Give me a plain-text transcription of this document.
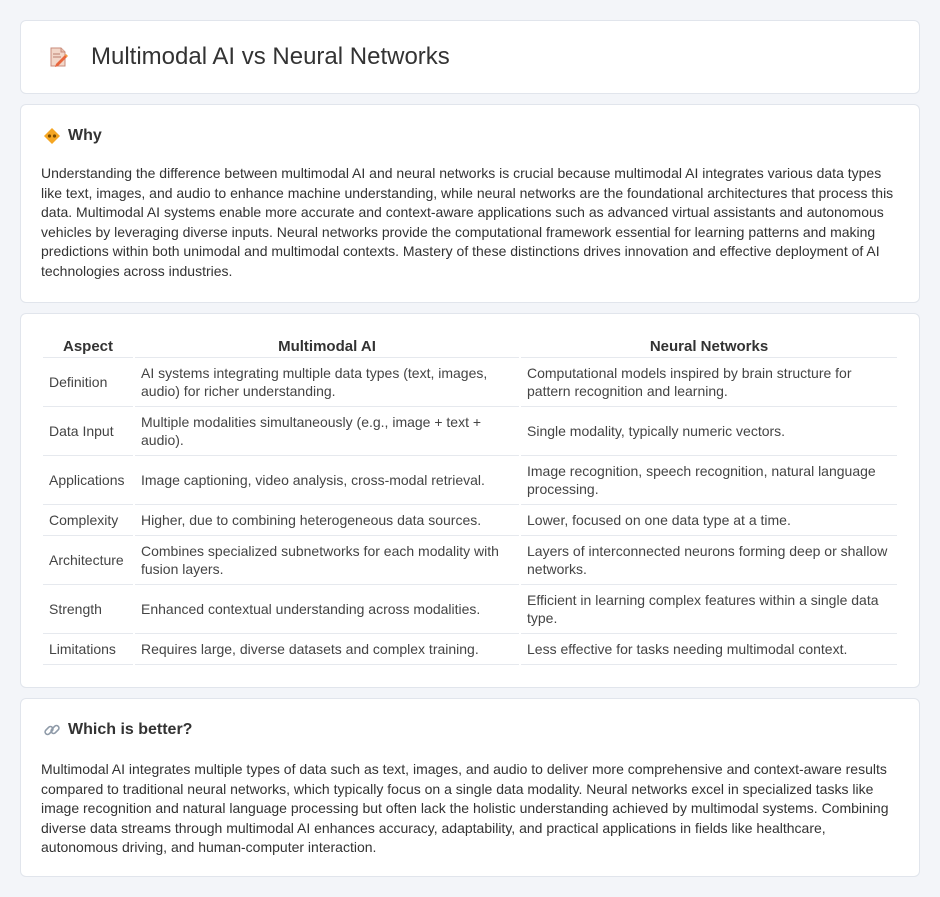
Multimodal AI vs Neural Networks
Why

Understanding the difference between multimodal AI and neural networks is crucial because multimodal AI integrates various data types like text, images, and audio to enhance machine understanding, while neural networks are the foundational architectures that process this data. Multimodal AI systems enable more accurate and context-aware applications such as advanced virtual assistants and autonomous vehicles by leveraging diverse inputs. Neural networks provide the computational framework essential for learning patterns and making predictions within both unimodal and multimodal contexts. Mastery of these distinctions drives innovation and effective deployment of AI technologies across industries.

Aspect	Multimodal AI	Neural Networks
Definition	AI systems integrating multiple data types (text, images, audio) for richer understanding.	Computational models inspired by brain structure for pattern recognition and learning.
Data Input	Multiple modalities simultaneously (e.g., image + text + audio).	Single modality, typically numeric vectors.
Applications	Image captioning, video analysis, cross-modal retrieval.	Image recognition, speech recognition, natural language processing.
Complexity	Higher, due to combining heterogeneous data sources.	Lower, focused on one data type at a time.
Architecture	Combines specialized subnetworks for each modality with fusion layers.	Layers of interconnected neurons forming deep or shallow networks.
Strength	Enhanced contextual understanding across modalities.	Efficient in learning complex features within a single data type.
Limitations	Requires large, diverse datasets and complex training.	Less effective for tasks needing multimodal context.
Which is better?

Multimodal AI integrates multiple types of data such as text, images, and audio to deliver more comprehensive and context-aware results compared to traditional neural networks, which typically focus on a single data modality. Neural networks excel in specialized tasks like image recognition and natural language processing but often lack the holistic understanding achieved by multimodal systems. Combining diverse data streams through multimodal AI enhances accuracy, adaptability, and practical applications in fields like healthcare, autonomous driving, and human-computer interaction.
